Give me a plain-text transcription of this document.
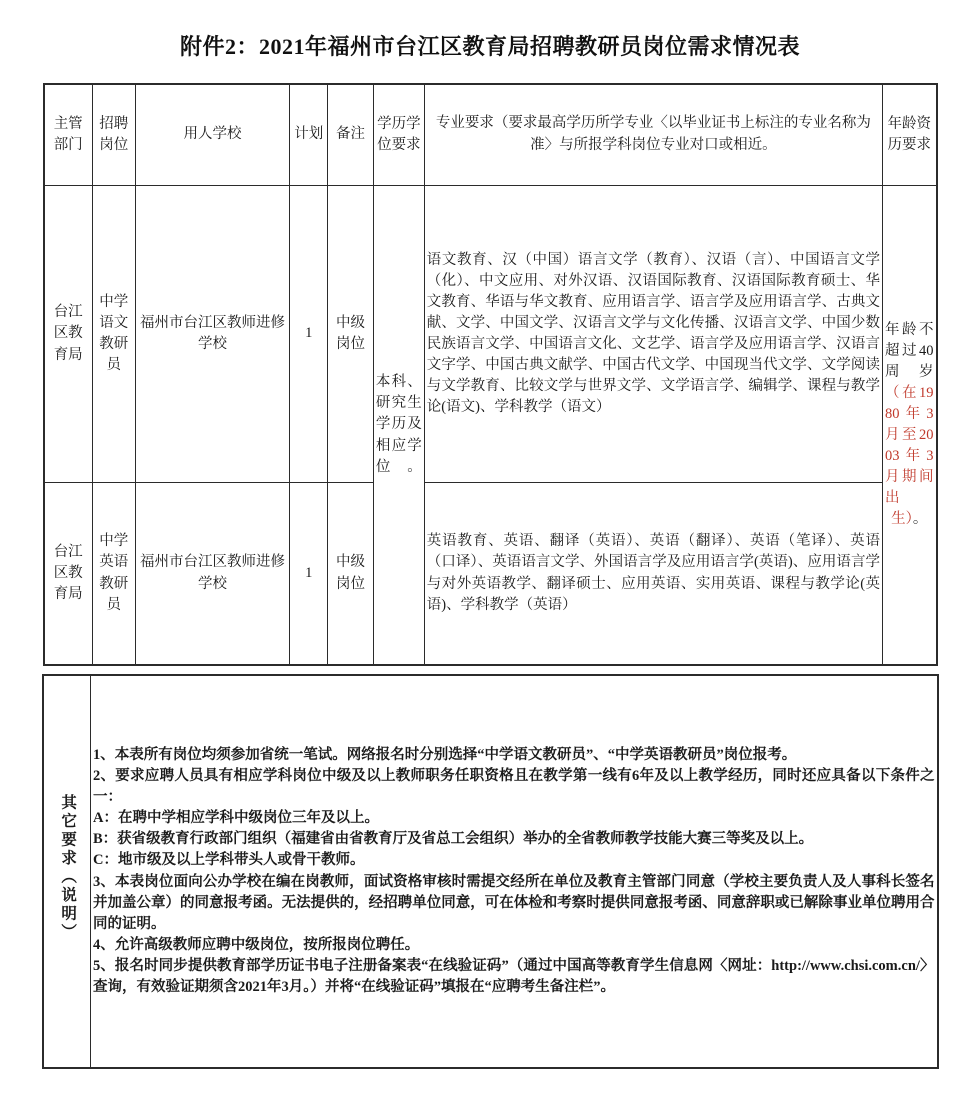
附件2：2021年福州市台江区教育局招聘教研员岗位需求情况表
主管部门	招聘岗位	用人学校	计划	备注	学历学位要求	专业要求（要求最高学历所学专业〈以毕业证书上标注的专业名称为准〉与所报学科岗位专业对口或相近。	年龄资历要求
台江区教育局	中学语文教研员	福州市台江区教师进修学校	1	中级岗位	本科、研究生学历及相应学位。	语文教育、汉（中国）语言文学（教育）、汉语（言）、中国语言文学（化）、中文应用、对外汉语、汉语国际教育、汉语国际教育硕士、华文教育、华语与华文教育、应用语言学、语言学及应用语言学、古典文献、文学、中国文学、汉语言文学与文化传播、汉语言文学、中国少数民族语言文学、中国语言文化、文艺学、语言学及应用语言学、汉语言文字学、中国古典文献学、中国古代文学、中国现当代文学、文学阅读与文学教育、比较文学与世界文学、文学语言学、编辑学、课程与教学论(语文)、学科教学（语文）	年龄不超过40周岁（在1980年3月至2003年3月期间出生）。
台江区教育局	中学英语教研员	福州市台江区教师进修学校	1	中级岗位		英语教育、英语、翻译（英语）、英语（翻译）、英语（笔译）、英语（口译）、英语语言文学、外国语言学及应用语言学(英语)、应用语言学与对外英语教学、翻译硕士、应用英语、实用英语、课程与教学论(英语)、学科教学（英语）	
其它要求（说明）	

1、本表所有岗位均须参加省统一笔试。网络报名时分别选择“中学语文教研员”、“中学英语教研员”岗位报考。

2、要求应聘人员具有相应学科岗位中级及以上教师职务任职资格且在教学第一线有6年及以上教学经历，同时还应具备以下条件之一：

A：在聘中学相应学科中级岗位三年及以上。

B：获省级教育行政部门组织（福建省由省教育厅及省总工会组织）举办的全省教师教学技能大赛三等奖及以上。

C：地市级及以上学科带头人或骨干教师。

3、本表岗位面向公办学校在编在岗教师，面试资格审核时需提交经所在单位及教育主管部门同意（学校主要负责人及人事科长签名并加盖公章）的同意报考函。无法提供的，经招聘单位同意，可在体检和考察时提供同意报考函、同意辞职或已解除事业单位聘用合同的证明。

4、允许高级教师应聘中级岗位，按所报岗位聘任。

5、报名时同步提供教育部学历证书电子注册备案表“在线验证码”（通过中国高等教育学生信息网〈网址：http://www.chsi.com.cn/〉查询，有效验证期须含2021年3月。）并将“在线验证码”填报在“应聘考生备注栏”。
